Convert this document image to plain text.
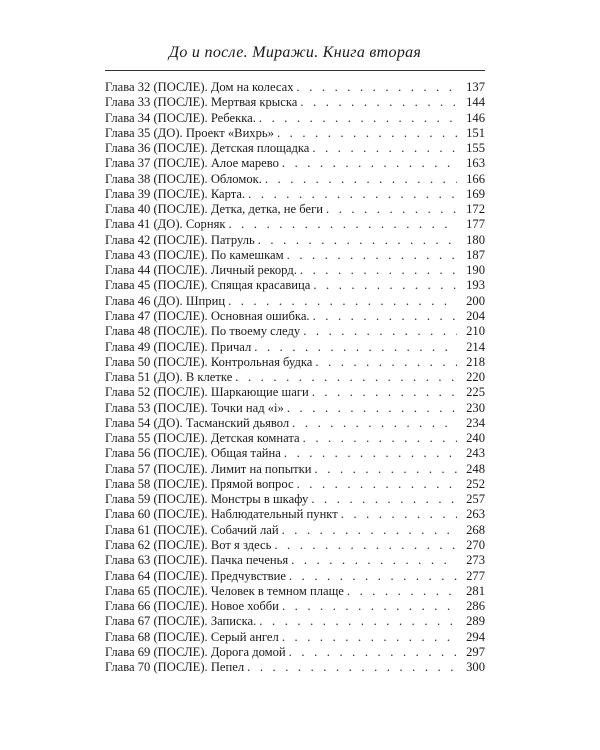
До и после. Миражи. Книга вторая
Глава 32 (ПОСЛЕ). Дом на колесах . . .	137
Глава 33 (ПОСЛЕ). Мертвая крыска . . .	144
Глава 34 (ПОСЛЕ). Ребекка. . . .	146
Глава 35 (ДО). Проект «Вихрь» . . .	151
Глава 36 (ПОСЛЕ). Детская площадка . . .	155
Глава 37 (ПОСЛЕ). Алое марево . . .	163
Глава 38 (ПОСЛЕ). Обломок. . . .	166
Глава 39 (ПОСЛЕ). Карта. . . .	169
Глава 40 (ПОСЛЕ). Детка, детка, не беги . . .	172
Глава 41 (ДО). Сорняк . . .	177
Глава 42 (ПОСЛЕ). Патруль . . .	180
Глава 43 (ПОСЛЕ). По камешкам . . .	187
Глава 44 (ПОСЛЕ). Личный рекорд. . . .	190
Глава 45 (ПОСЛЕ). Спящая красавица . . .	193
Глава 46 (ДО). Шприц . . .	200
Глава 47 (ПОСЛЕ). Основная ошибка. . . .	204
Глава 48 (ПОСЛЕ). По твоему следу . . .	210
Глава 49 (ПОСЛЕ). Причал . . .	214
Глава 50 (ПОСЛЕ). Контрольная будка . . .	218
Глава 51 (ДО). В клетке . . .	220
Глава 52 (ПОСЛЕ). Шаркающие шаги . . .	225
Глава 53 (ПОСЛЕ). Точки над «i» . . .	230
Глава 54 (ДО). Тасманский дьявол . . .	234
Глава 55 (ПОСЛЕ). Детская комната . . .	240
Глава 56 (ПОСЛЕ). Общая тайна . . .	243
Глава 57 (ПОСЛЕ). Лимит на попытки . . .	248
Глава 58 (ПОСЛЕ). Прямой вопрос . . .	252
Глава 59 (ПОСЛЕ). Монстры в шкафу . . .	257
Глава 60 (ПОСЛЕ). Наблюдательный пункт . . .	263
Глава 61 (ПОСЛЕ). Собачий лай . . .	268
Глава 62 (ПОСЛЕ). Вот я здесь . . .	270
Глава 63 (ПОСЛЕ). Пачка печенья . . .	273
Глава 64 (ПОСЛЕ). Предчувствие . . .	277
Глава 65 (ПОСЛЕ). Человек в темном плаще . . .	281
Глава 66 (ПОСЛЕ). Новое хобби . . .	286
Глава 67 (ПОСЛЕ). Записка. . . .	289
Глава 68 (ПОСЛЕ). Серый ангел . . .	294
Глава 69 (ПОСЛЕ). Дорога домой . . .	297
Глава 70 (ПОСЛЕ). Пепел . . .	300
